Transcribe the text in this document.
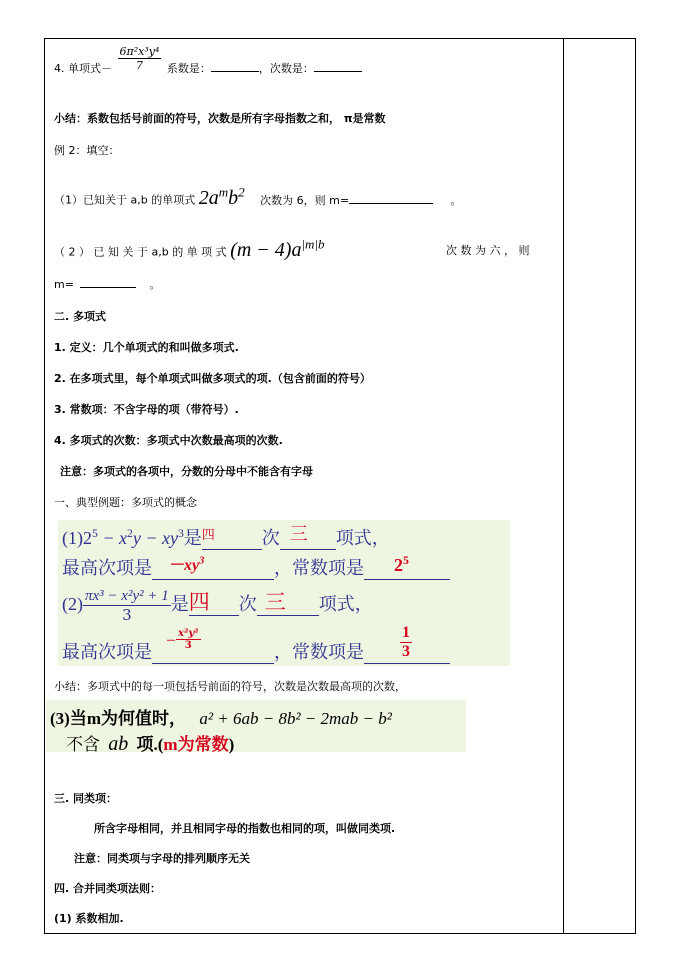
4. 单项式－ $\frac{\text{6π²x³y⁴}}{7}$ 系数是：	，次数是：
小结：系数包括号前面的符号，次数是所有字母指数之和， π是常数
例 2：填空：
（1）已知关于 a,b 的单项式 $2a^mb^2$ 次数为 6，则 m=	。
（ 2 ） 已 知 关 于 a,b 的 单 项 式 $(m - 4)a^{|m|b}$	次 数 为 六 ， 则
m=	。
二. 多项式
1. 定义：几个单项式的和叫做多项式.
2. 在多项式里，每个单项式叫做多项式的项.（包含前面的符号）
3. 常数项：不含字母的项（带符号）.
4. 多项式的次数：多项式中次数最高项的次数.
注意：多项式的各项中，分数的分母中不能含有字母
一、典型例题：多项式的概念
$(1)2^5 - x^2y - xy^3$是 四	次 三 项式，
最高次项是 $-xy^3$	，常数项是 $2^5$

$(2) \frac{\text{πx³ − x²y² + 1}}{3}$ 是 四 次 三 项式，
最高次项是
－ $\frac{\text{x²y²}}{3}$
，常数项是 $\frac{1}{3}$

小结：多项式中的每一项包括号前面的符号，次数是次数最高项的次数，
(3)当m为何值时， a² + 6ab − 8b² − 2mab − b²
不含 ab 项.(m为常数)
三. 同类项：
所含字母相同，并且相同字母的指数也相同的项，叫做同类项.
注意：同类项与字母的排列顺序无关
四. 合并同类项法则：
(1) 系数相加.
